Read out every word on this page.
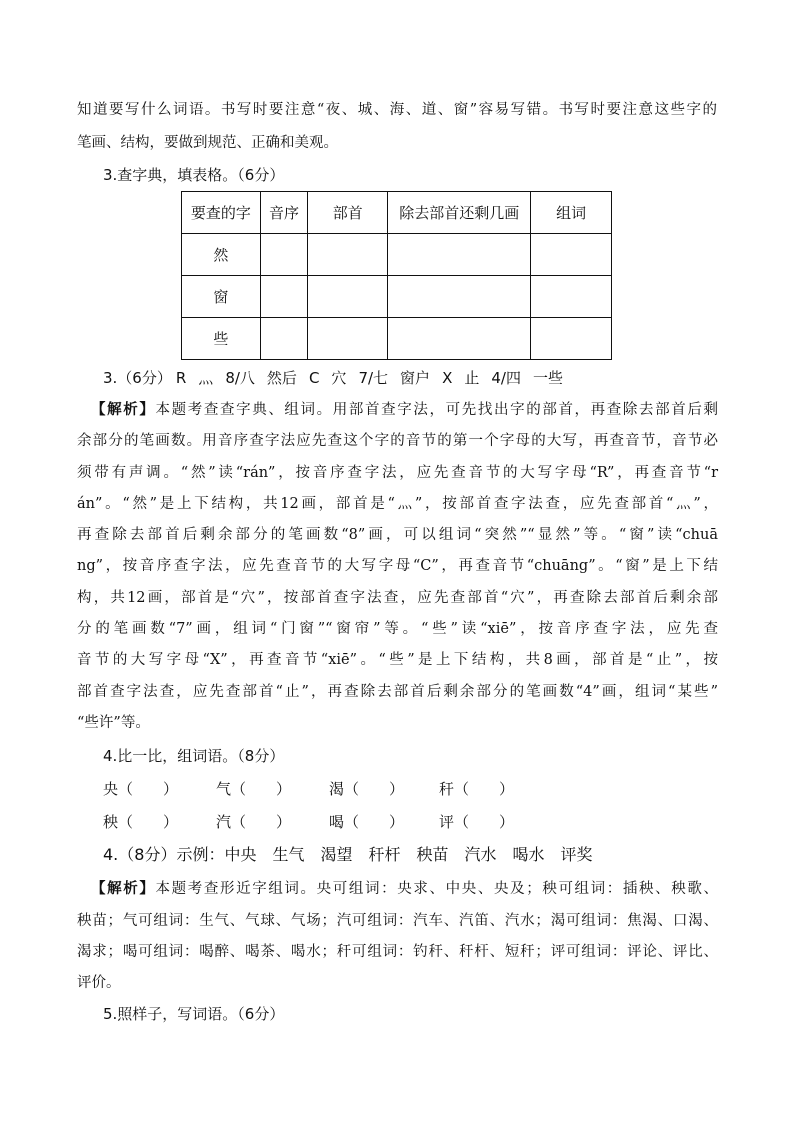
知道要写什么词语。书写时要注意“夜、城、海、道、窗”容易写错。书写时要注意这些字的
笔画、结构，要做到规范、正确和美观。
3.查字典，填表格。（6分）
要查的字	音序	部首	除去部首还剩几画	组词
然				
窗				
些				
3.（6分） R 灬 8/八 然后 C 穴 7/七 窗户 X 止 4/四 一些
【解析】本题考查查字典、组词。用部首查字法，可先找出字的部首，再查除去部首后剩
余部分的笔画数。用音序查字法应先查这个字的音节的第一个字母的大写，再查音节，音节必
须带有声调。“然”读“rán”，按音序查字法，应先查音节的大写字母“R”，再查音节“r
án”。“然”是上下结构，共12画，部首是“灬”，按部首查字法查，应先查部首“灬”，
再查除去部首后剩余部分的笔画数“8”画，可以组词“突然”“显然”等。“窗”读“chuā
ng”，按音序查字法，应先查音节的大写字母“C”，再查音节“chuāng”。“窗”是上下结
构，共12画，部首是“穴”，按部首查字法查，应先查部首“穴”，再查除去部首后剩余部
分的笔画数“7”画，组词“门窗”“窗帘”等。“些”读“xiē”，按音序查字法，应先查
音节的大写字母“X”，再查音节“xiē”。“些”是上下结构，共8画，部首是“止”，按
部首查字法查，应先查部首“止”，再查除去部首后剩余部分的笔画数“4”画，组词“某些”
“些许”等。
4.比一比，组词语。（8分）
央（　　）	气（　　）	渴（　　） 秆（　　）
秧（　　）	汽（　　）	喝（　　） 评（　　）
4.（8分）示例：中央　生气　渴望　秆杆　秧苗　汽水　喝水　评奖
【解析】本题考查形近字组词。央可组词：央求、中央、央及；秧可组词：插秧、秧歌、
秧苗；气可组词：生气、气球、气场；汽可组词：汽车、汽笛、汽水；渴可组词：焦渴、口渴、
渴求；喝可组词：喝醉、喝茶、喝水；秆可组词：钓秆、秆杆、短秆；评可组词：评论、评比、
评价。
5.照样子，写词语。（6分）
